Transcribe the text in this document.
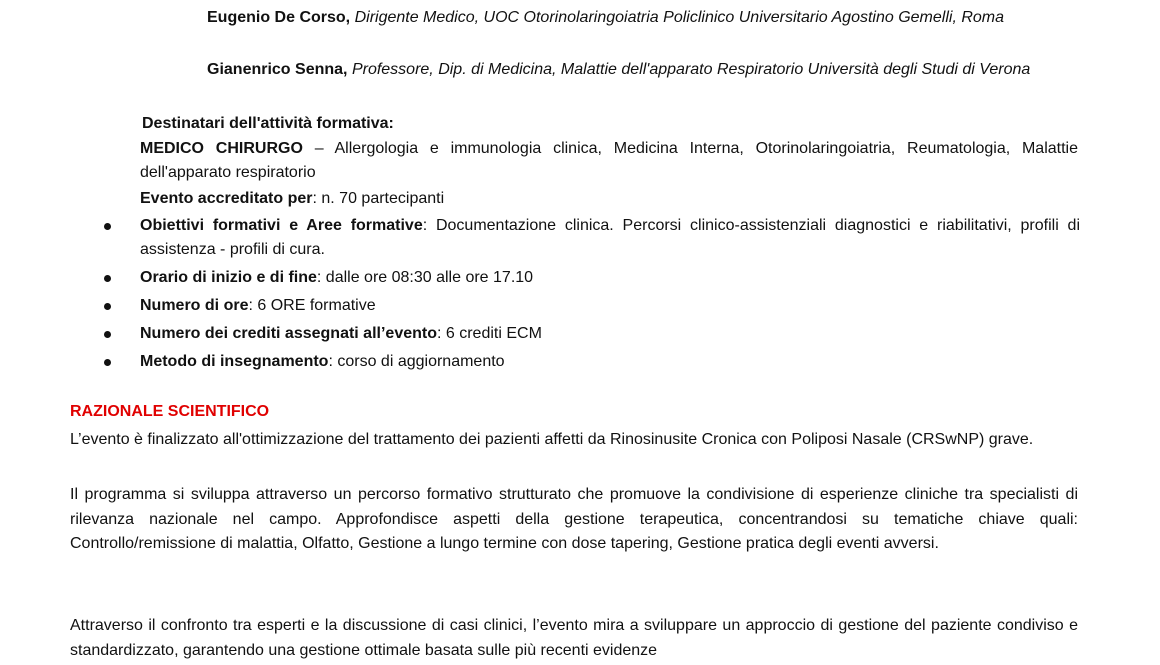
Eugenio De Corso, Dirigente Medico, UOC Otorinolaringoiatria Policlinico Universitario Agostino Gemelli, Roma
Gianenrico Senna, Professore, Dip. di Medicina, Malattie dell'apparato Respiratorio Università degli Studi di Verona
Destinatari dell'attività formativa:
MEDICO CHIRURGO – Allergologia e immunologia clinica, Medicina Interna, Otorinolaringoiatria, Reumatologia, Malattie dell'apparato respiratorio
Evento accreditato per: n. 70 partecipanti
Obiettivi formativi e Aree formative: Documentazione clinica. Percorsi clinico-assistenziali diagnostici e riabilitativi, profili di assistenza - profili di cura.
Orario di inizio e di fine: dalle ore 08:30 alle ore 17.10
Numero di ore: 6 ORE formative
Numero dei crediti assegnati all’evento: 6 crediti ECM
Metodo di insegnamento: corso di aggiornamento
RAZIONALE SCIENTIFICO

L’evento è finalizzato all'ottimizzazione del trattamento dei pazienti affetti da Rinosinusite Cronica con Poliposi Nasale (CRSwNP) grave.

Il programma si sviluppa attraverso un percorso formativo strutturato che promuove la condivisione di esperienze cliniche tra specialisti di rilevanza nazionale nel campo. Approfondisce aspetti della gestione terapeutica, concentrandosi su tematiche chiave quali: Controllo/remissione di malattia, Olfatto, Gestione a lungo termine con dose tapering, Gestione pratica degli eventi avversi.

Attraverso il confronto tra esperti e la discussione di casi clinici, l’evento mira a sviluppare un approccio di gestione del paziente condiviso e standardizzato, garantendo una gestione ottimale basata sulle più recenti evidenze
